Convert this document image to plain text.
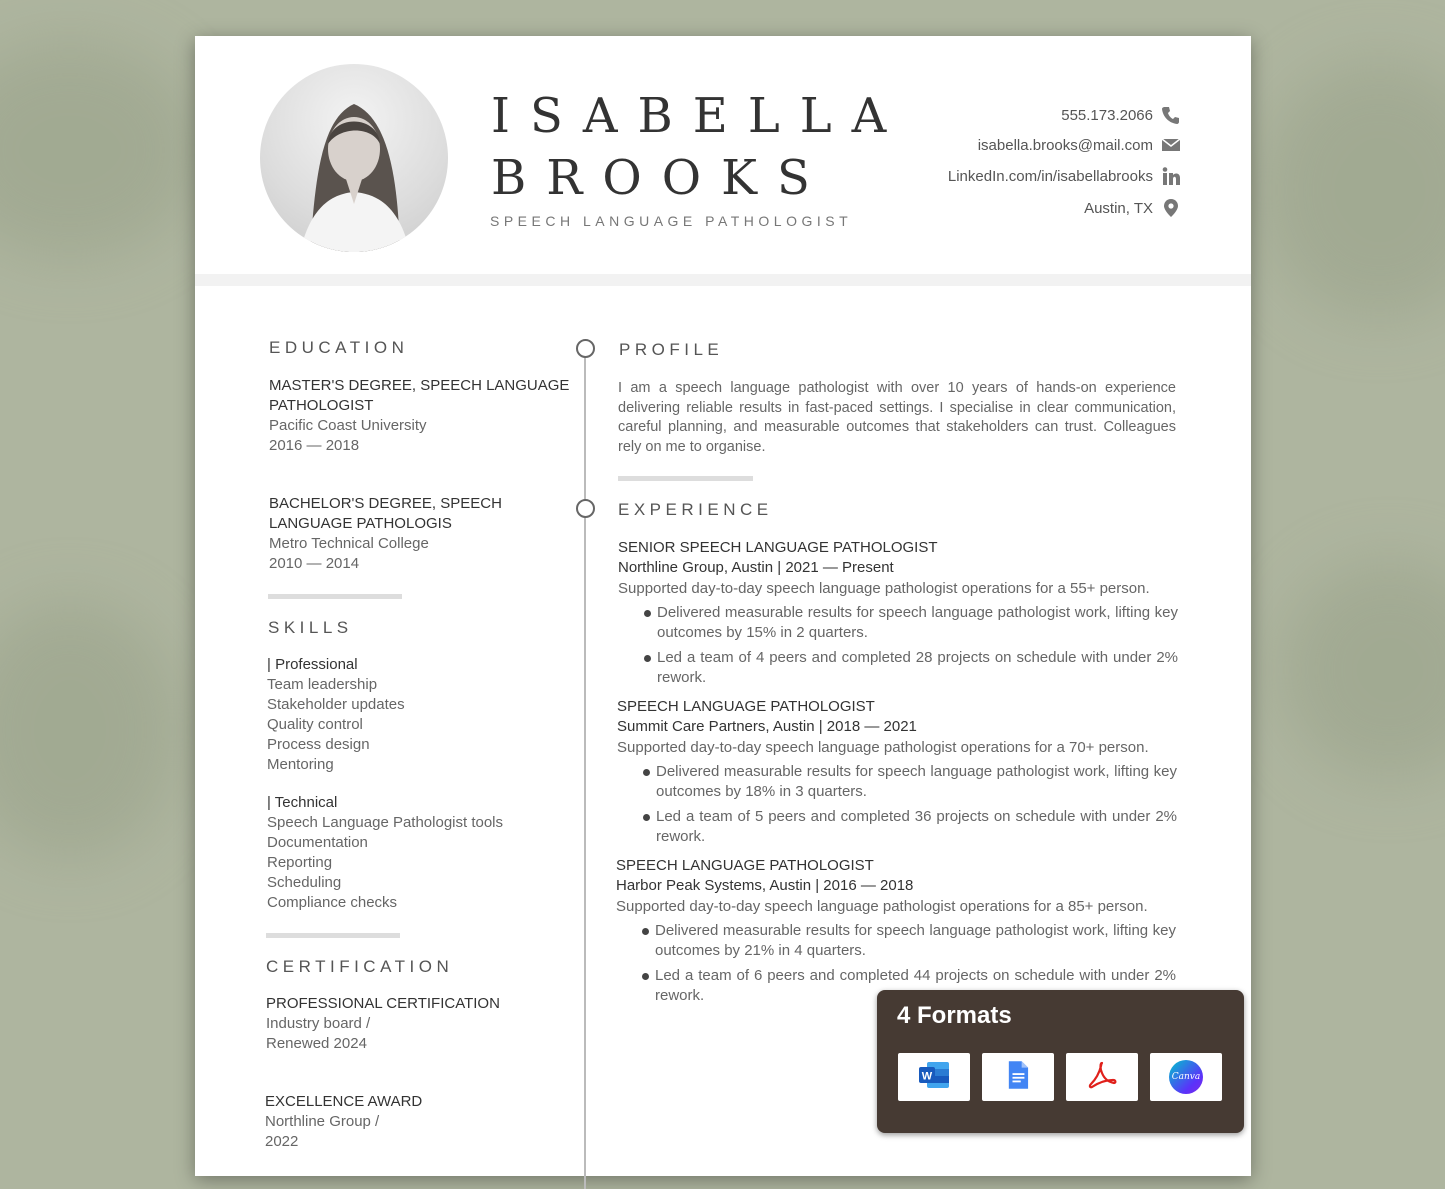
ISABELLA
BROOKS
SPEECH LANGUAGE PATHOLOGIST
555.173.2066
isabella.brooks@mail.com
LinkedIn.com/in/isabellabrooks
Austin, TX
EDUCATION
MASTER'S DEGREE, SPEECH LANGUAGE
PATHOLOGIST
Pacific Coast University
2016 — 2018
BACHELOR'S DEGREE, SPEECH
LANGUAGE PATHOLOGIS
Metro Technical College
2010 — 2014
SKILLS
| Professional
Team leadership
Stakeholder updates
Quality control
Process design
Mentoring
| Technical
Speech Language Pathologist tools
Documentation
Reporting
Scheduling
Compliance checks
CERTIFICATION
PROFESSIONAL CERTIFICATION
Industry board /
Renewed 2024
EXCELLENCE AWARD
Northline Group /
2022
PROFILE
I am a speech language pathologist with over 10 years of hands-on experience delivering reliable results in fast-paced settings. I specialise in clear communication, careful planning, and measurable outcomes that stakeholders can trust. Colleagues rely on me to organise.
EXPERIENCE
SENIOR SPEECH LANGUAGE PATHOLOGIST
Northline Group, Austin | 2021 — Present
Supported day-to-day speech language pathologist operations for a 55+ person.
Delivered measurable results for speech language pathologist work, lifting key outcomes by 15% in 2 quarters.
Led a team of 4 peers and completed 28 projects on schedule with under 2% rework.
SPEECH LANGUAGE PATHOLOGIST
Summit Care Partners, Austin | 2018 — 2021
Supported day-to-day speech language pathologist operations for a 70+ person.
Delivered measurable results for speech language pathologist work, lifting key outcomes by 18% in 3 quarters.
Led a team of 5 peers and completed 36 projects on schedule with under 2% rework.
SPEECH LANGUAGE PATHOLOGIST
Harbor Peak Systems, Austin | 2016 — 2018
Supported day-to-day speech language pathologist operations for a 85+ person.
Delivered measurable results for speech language pathologist work, lifting key outcomes by 21% in 4 quarters.
Led a team of 6 peers and completed 44 projects on schedule with under 2% rework.
4 Formats
W	Canva
